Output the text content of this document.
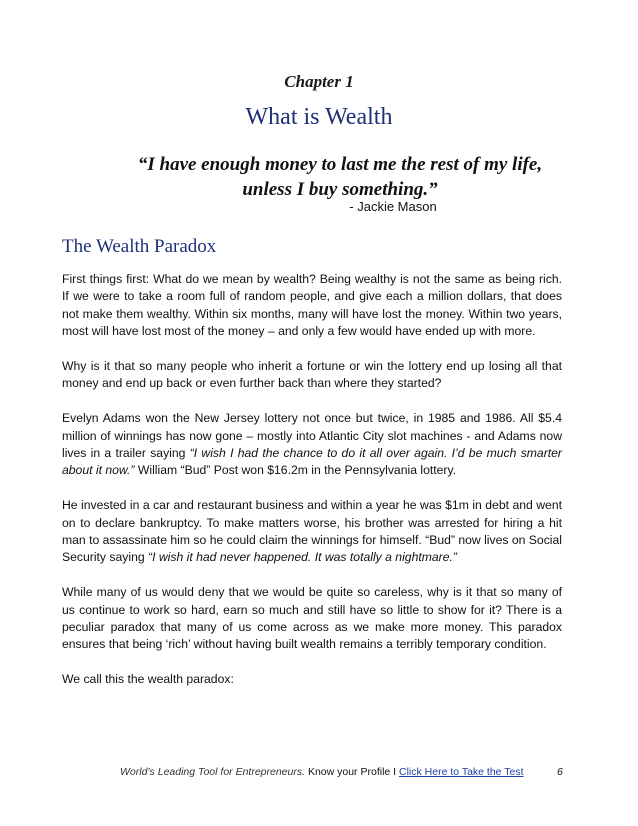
Chapter 1
What is Wealth
“I have enough money to last me the rest of my life,
unless I buy something.”
- Jackie Mason
The Wealth Paradox

First things first: What do we mean by wealth? Being wealthy is not the same as being rich. If we were to take a room full of random people, and give each a million dollars, that does not make them wealthy. Within six months, many will have lost the money. Within two years, most will have lost most of the money – and only a few would have ended up with more.

Why is it that so many people who inherit a fortune or win the lottery end up losing all that money and end up back or even further back than where they started?

Evelyn Adams won the New Jersey lottery not once but twice, in 1985 and 1986. All $5.4 million of winnings has now gone – mostly into Atlantic City slot machines - and Adams now lives in a trailer saying “I wish I had the chance to do it all over again. I’d be much smarter about it now.” William “Bud” Post won $16.2m in the Pennsylvania lottery.

He invested in a car and restaurant business and within a year he was $1m in debt and went on to declare bankruptcy. To make matters worse, his brother was arrested for hiring a hit man to assassinate him so he could claim the winnings for himself. “Bud” now lives on Social Security saying “I wish it had never happened. It was totally a nightmare.”

While many of us would deny that we would be quite so careless, why is it that so many of us continue to work so hard, earn so much and still have so little to show for it? There is a peculiar paradox that many of us come across as we make more money. This paradox ensures that being ‘rich’ without having built wealth remains a terribly temporary condition.

We call this the wealth paradox:

World’s Leading Tool for Entrepreneurs. Know your Profile I Click Here to Take the Test	6
